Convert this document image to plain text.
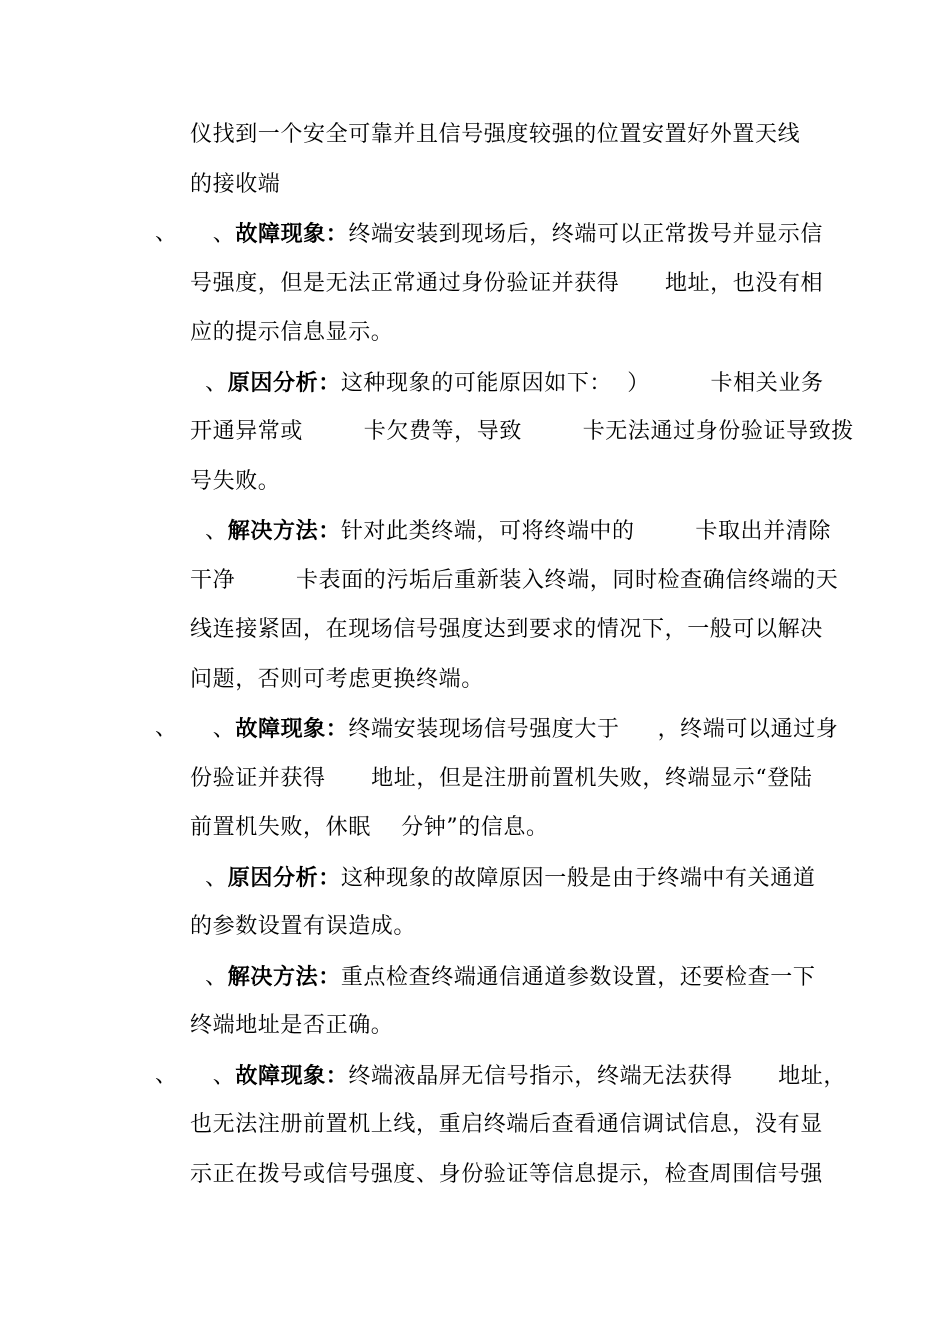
仪找到一个安全可靠并且信号强度较强的位置安置好外置天线
的接收端
、 、故障现象：终端安装到现场后，终端可以正常拨号并显示信
号强度，但是无法正常通过身份验证并获得      地址，也没有相
应的提示信息显示。
、原因分析：这种现象的可能原因如下：  ）        卡相关业务
开通异常或        卡欠费等，导致        卡无法通过身份验证导致拨
号失败。
、解决方法：针对此类终端，可将终端中的        卡取出并清除
干净        卡表面的污垢后重新装入终端，同时检查确信终端的天
线连接紧固，在现场信号强度达到要求的情况下，一般可以解决
问题，否则可考虑更换终端。
、 、故障现象：终端安装现场信号强度大于     ，终端可以通过身
份验证并获得      地址，但是注册前置机失败，终端显示“登陆
前置机失败，休眠    分钟”的信息。
、原因分析：这种现象的故障原因一般是由于终端中有关通道
的参数设置有误造成。
、解决方法：重点检查终端通信通道参数设置，还要检查一下
终端地址是否正确。
、 、故障现象：终端液晶屏无信号指示，终端无法获得      地址，
也无法注册前置机上线，重启终端后查看通信调试信息，没有显
示正在拨号或信号强度、身份验证等信息提示，检查周围信号强
